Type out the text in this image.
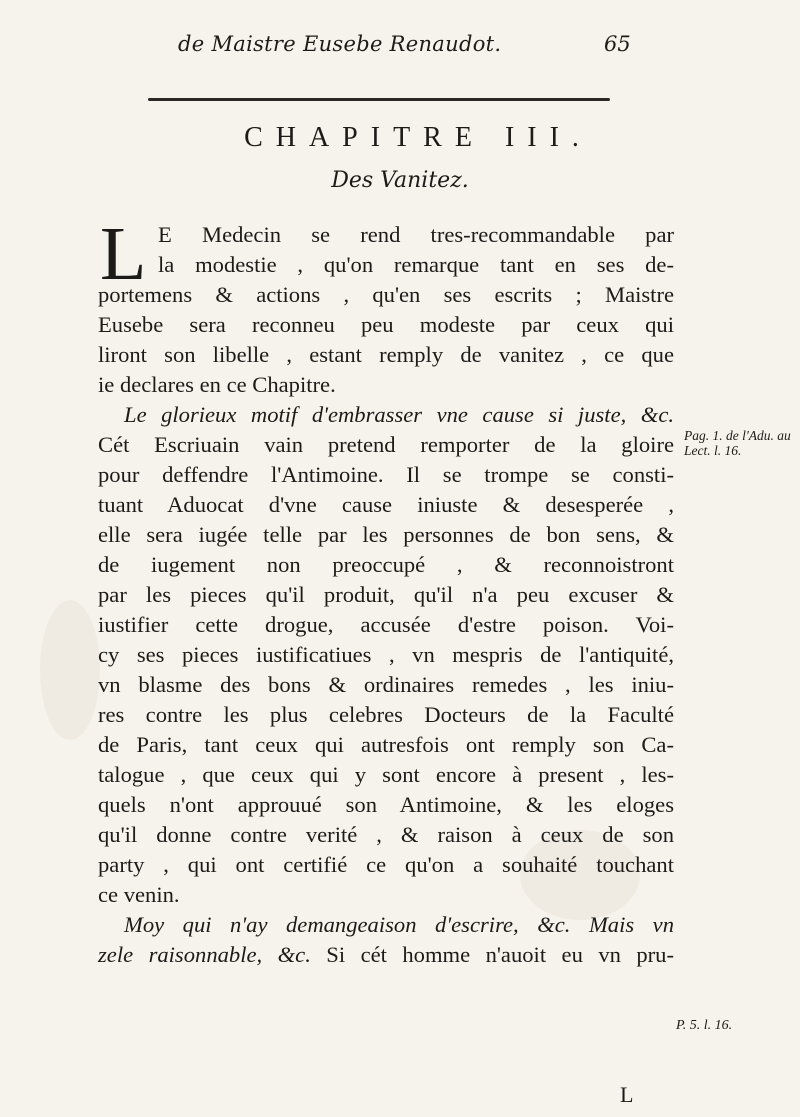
de Maistre Eusebe Renaudot.	65
CHAPITRE III.
Des Vanitez.
L E Medecin se rend tres-recommandable par
la modestie , qu'on remarque tant en ses de-
portemens & actions , qu'en ses escrits ; Maistre
Eusebe sera reconneu peu modeste par ceux qui
liront son libelle , estant remply de vanitez , ce que
ie declares en ce Chapitre.
Le glorieux motif d'embrasser vne cause si juste, &c.
Cét Escriuain vain pretend remporter de la gloire
pour deffendre l'Antimoine. Il se trompe se consti-
tuant Aduocat d'vne cause iniuste & desesperée ,
elle sera iugée telle par les personnes de bon sens, &
de iugement non preoccupé , & reconnoistront
par les pieces qu'il produit, qu'il n'a peu excuser &
iustifier cette drogue, accusée d'estre poison. Voi-
cy ses pieces iustificatiues , vn mespris de l'antiquité,
vn blasme des bons & ordinaires remedes , les iniu-
res contre les plus celebres Docteurs de la Faculté
de Paris, tant ceux qui autresfois ont remply son Ca-
talogue , que ceux qui y sont encore à present , les-
quels n'ont approuué son Antimoine, & les eloges
qu'il donne contre verité , & raison à ceux de son
party , qui ont certifié ce qu'on a souhaité touchant
ce venin.
Moy qui n'ay demangeaison d'escrire, &c. Mais vn
zele raisonnable, &c. Si cét homme n'auoit eu vn pru-
Pag. 1. de l'Adu. au Lect. l. 16.
P. 5. l. 16.
L
